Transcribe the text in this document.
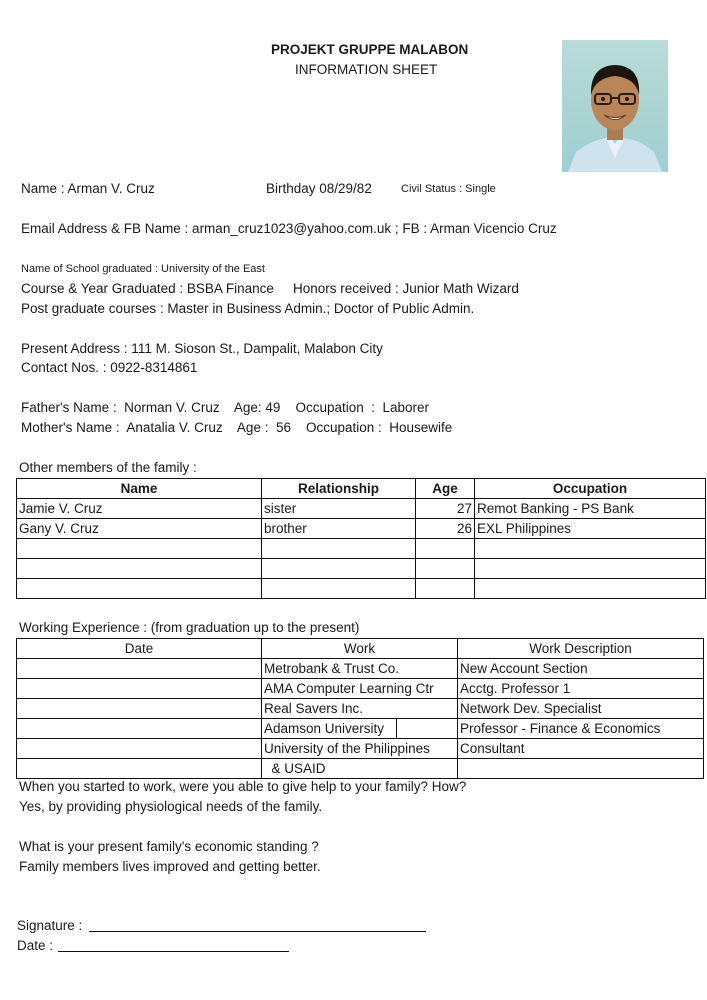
PROJEKT GRUPPE MALABON
INFORMATION SHEET
Name : Arman V. Cruz	Birthday 08/29/82	Civil Status : Single
Email Address & FB Name : arman_cruz1023@yahoo.com.uk ; FB : Arman Vicencio Cruz
Name of School graduated : University of the East
Course & Year Graduated : BSBA Finance Honors received : Junior Math Wizard
Post graduate courses : Master in Business Admin.; Doctor of Public Admin.
Present Address : 111 M. Sioson St., Dampalit, Malabon City
Contact Nos. : 0922-8314861
Father's Name :  Norman V. Cruz    Age: 49    Occupation  :  Laborer
Mother's Name :  Anatalia V. Cruz    Age :  56    Occupation :  Housewife
Other members of the family :
Name	Relationship	Age	Occupation
Jamie V. Cruz	sister	27	Remot Banking - PS Bank
Gany V. Cruz	brother	26	EXL Philippines

Working Experience : (from graduation up to the present)
Date	Work	Work Description
	Metrobank & Trust Co.	New Account Section
	AMA Computer Learning Ctr	Acctg. Professor 1
	Real Savers Inc.	Network Dev. Specialist
	Adamson University	Professor - Finance & Economics
	University of the Philippines	Consultant
	& USAID	
When you started to work, were you able to give help to your family? How?
Yes, by providing physiological needs of the family.
What is your present family's economic standing ?
Family members lives improved and getting better.
Signature :
Date :
